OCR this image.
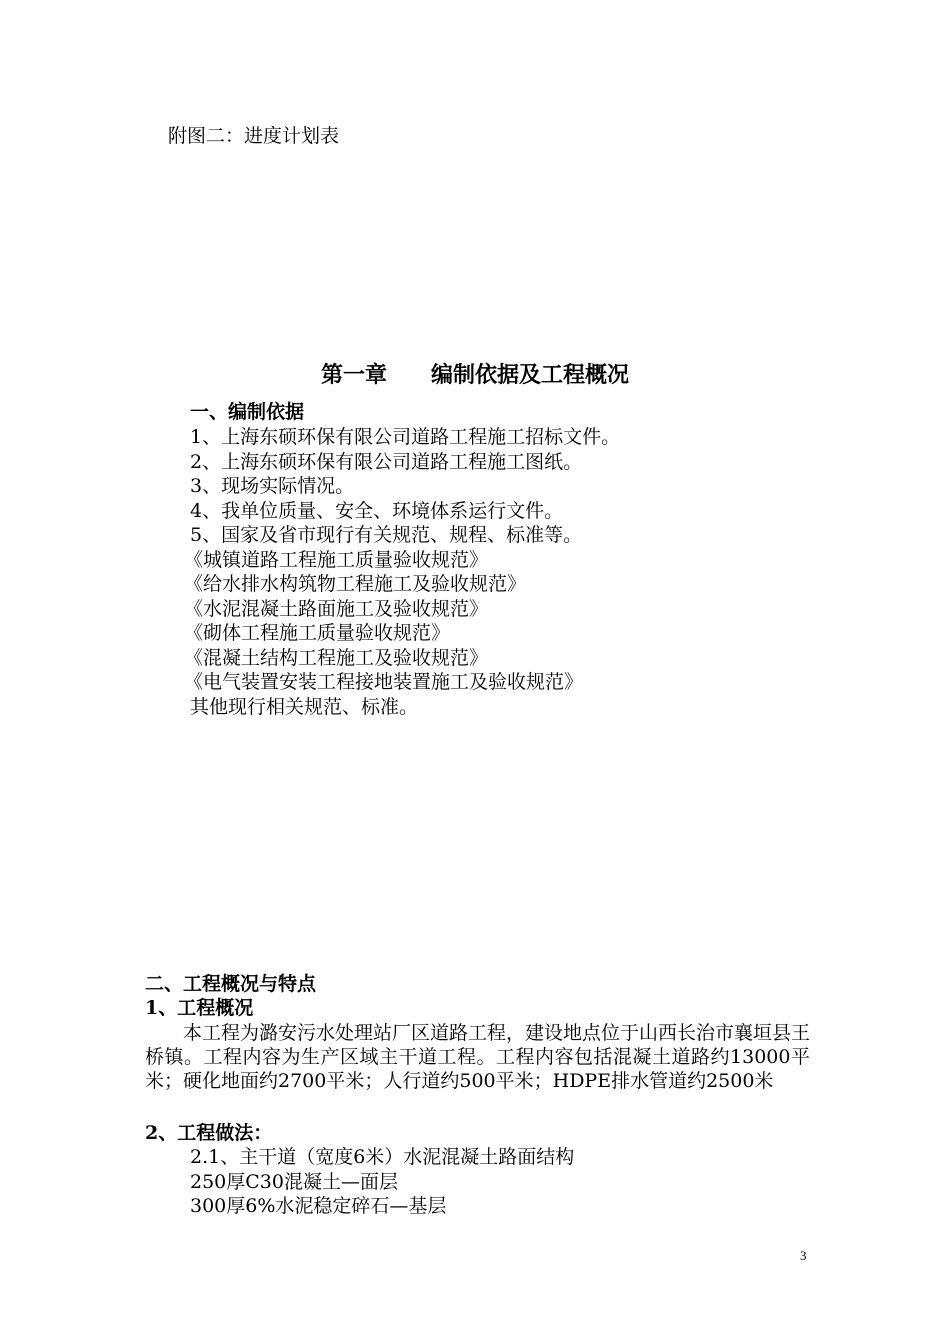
附图二：进度计划表
第一章　　编制依据及工程概况
一、编制依据
1、上海东硕环保有限公司道路工程施工招标文件。
2、上海东硕环保有限公司道路工程施工图纸。
3、现场实际情况。
4、我单位质量、安全、环境体系运行文件。
5、国家及省市现行有关规范、规程、标准等。
《城镇道路工程施工质量验收规范》
《给水排水构筑物工程施工及验收规范》
《水泥混凝土路面施工及验收规范》
《砌体工程施工质量验收规范》
《混凝土结构工程施工及验收规范》
《电气装置安装工程接地装置施工及验收规范》
其他现行相关规范、标准。
二、工程概况与特点
1、工程概况
本工程为潞安污水处理站厂区道路工程，建设地点位于山西长治市襄垣县王桥镇。工程内容为生产区域主干道工程。工程内容包括混凝土道路约13000平米；硬化地面约2700平米；人行道约500平米；HDPE排水管道约2500米
2、工程做法：
2.1、主干道（宽度6米）水泥混凝土路面结构
250厚C30混凝土—面层
300厚6%水泥稳定碎石—基层
3
